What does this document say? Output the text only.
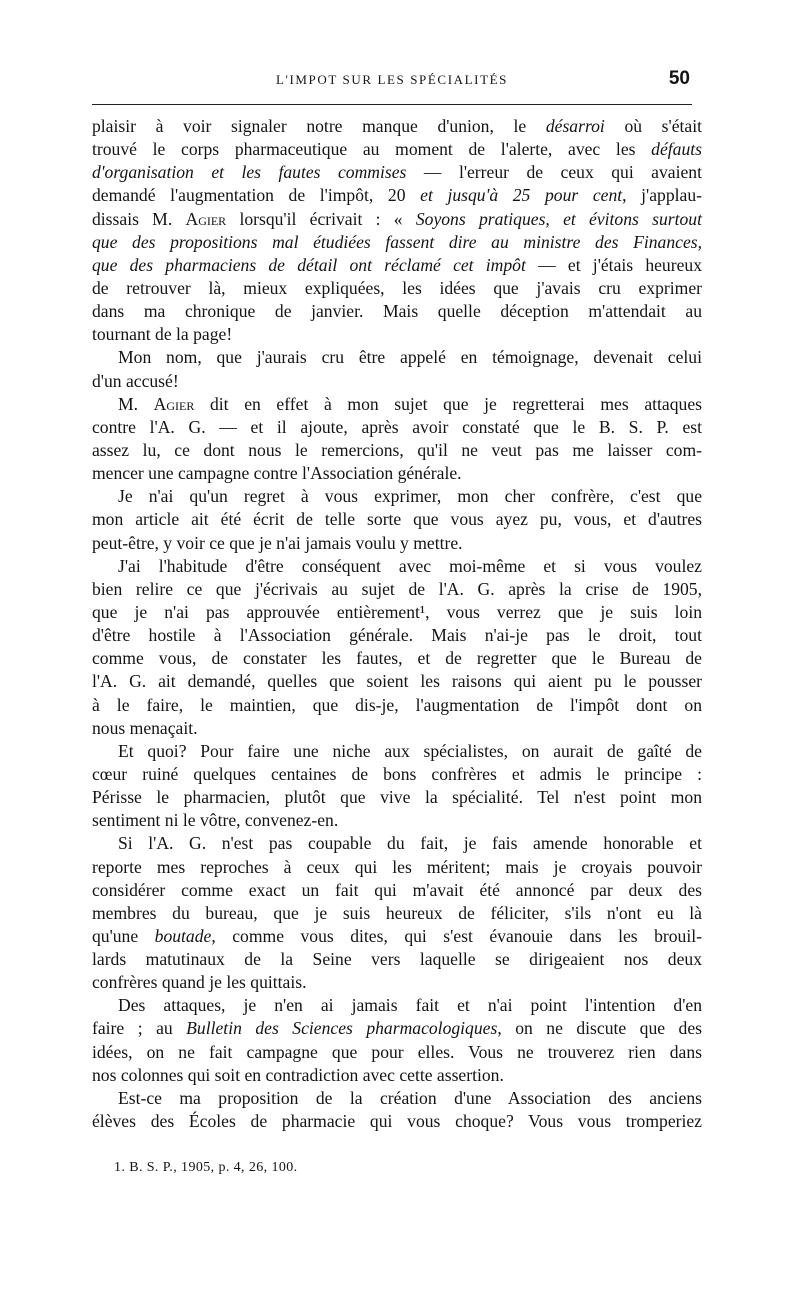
L'IMPOT SUR LES SPÉCIALITÉS	50
plaisir à voir signaler notre manque d'union, le désarroi où s'était
trouvé le corps pharmaceutique au moment de l'alerte, avec les défauts
d'organisation et les fautes commises — l'erreur de ceux qui avaient
demandé l'augmentation de l'impôt, 20 et jusqu'à 25 pour cent, j'applau-
dissais M. Agier lorsqu'il écrivait : « Soyons pratiques, et évitons surtout
que des propositions mal étudiées fassent dire au ministre des Finances,
que des pharmaciens de détail ont réclamé cet impôt — et j'étais heureux
de retrouver là, mieux expliquées, les idées que j'avais cru exprimer
dans ma chronique de janvier. Mais quelle déception m'attendait au
tournant de la page!
Mon nom, que j'aurais cru être appelé en témoignage, devenait celui
d'un accusé!
M. Agier dit en effet à mon sujet que je regretterai mes attaques
contre l'A. G. — et il ajoute, après avoir constaté que le B. S. P. est
assez lu, ce dont nous le remercions, qu'il ne veut pas me laisser com-
mencer une campagne contre l'Association générale.
Je n'ai qu'un regret à vous exprimer, mon cher confrère, c'est que
mon article ait été écrit de telle sorte que vous ayez pu, vous, et d'autres
peut-être, y voir ce que je n'ai jamais voulu y mettre.
J'ai l'habitude d'être conséquent avec moi-même et si vous voulez
bien relire ce que j'écrivais au sujet de l'A. G. après la crise de 1905,
que je n'ai pas approuvée entièrement¹, vous verrez que je suis loin
d'être hostile à l'Association générale. Mais n'ai-je pas le droit, tout
comme vous, de constater les fautes, et de regretter que le Bureau de
l'A. G. ait demandé, quelles que soient les raisons qui aient pu le pousser
à le faire, le maintien, que dis-je, l'augmentation de l'impôt dont on
nous menaçait.
Et quoi? Pour faire une niche aux spécialistes, on aurait de gaîté de
cœur ruiné quelques centaines de bons confrères et admis le principe :
Périsse le pharmacien, plutôt que vive la spécialité. Tel n'est point mon
sentiment ni le vôtre, convenez-en.
Si l'A. G. n'est pas coupable du fait, je fais amende honorable et
reporte mes reproches à ceux qui les méritent; mais je croyais pouvoir
considérer comme exact un fait qui m'avait été annoncé par deux des
membres du bureau, que je suis heureux de féliciter, s'ils n'ont eu là
qu'une boutade, comme vous dites, qui s'est évanouie dans les brouil-
lards matutinaux de la Seine vers laquelle se dirigeaient nos deux
confrères quand je les quittais.
Des attaques, je n'en ai jamais fait et n'ai point l'intention d'en
faire ; au Bulletin des Sciences pharmacologiques, on ne discute que des
idées, on ne fait campagne que pour elles. Vous ne trouverez rien dans
nos colonnes qui soit en contradiction avec cette assertion.
Est-ce ma proposition de la création d'une Association des anciens
élèves des Écoles de pharmacie qui vous choque? Vous vous tromperiez
1. B. S. P., 1905, p. 4, 26, 100.
